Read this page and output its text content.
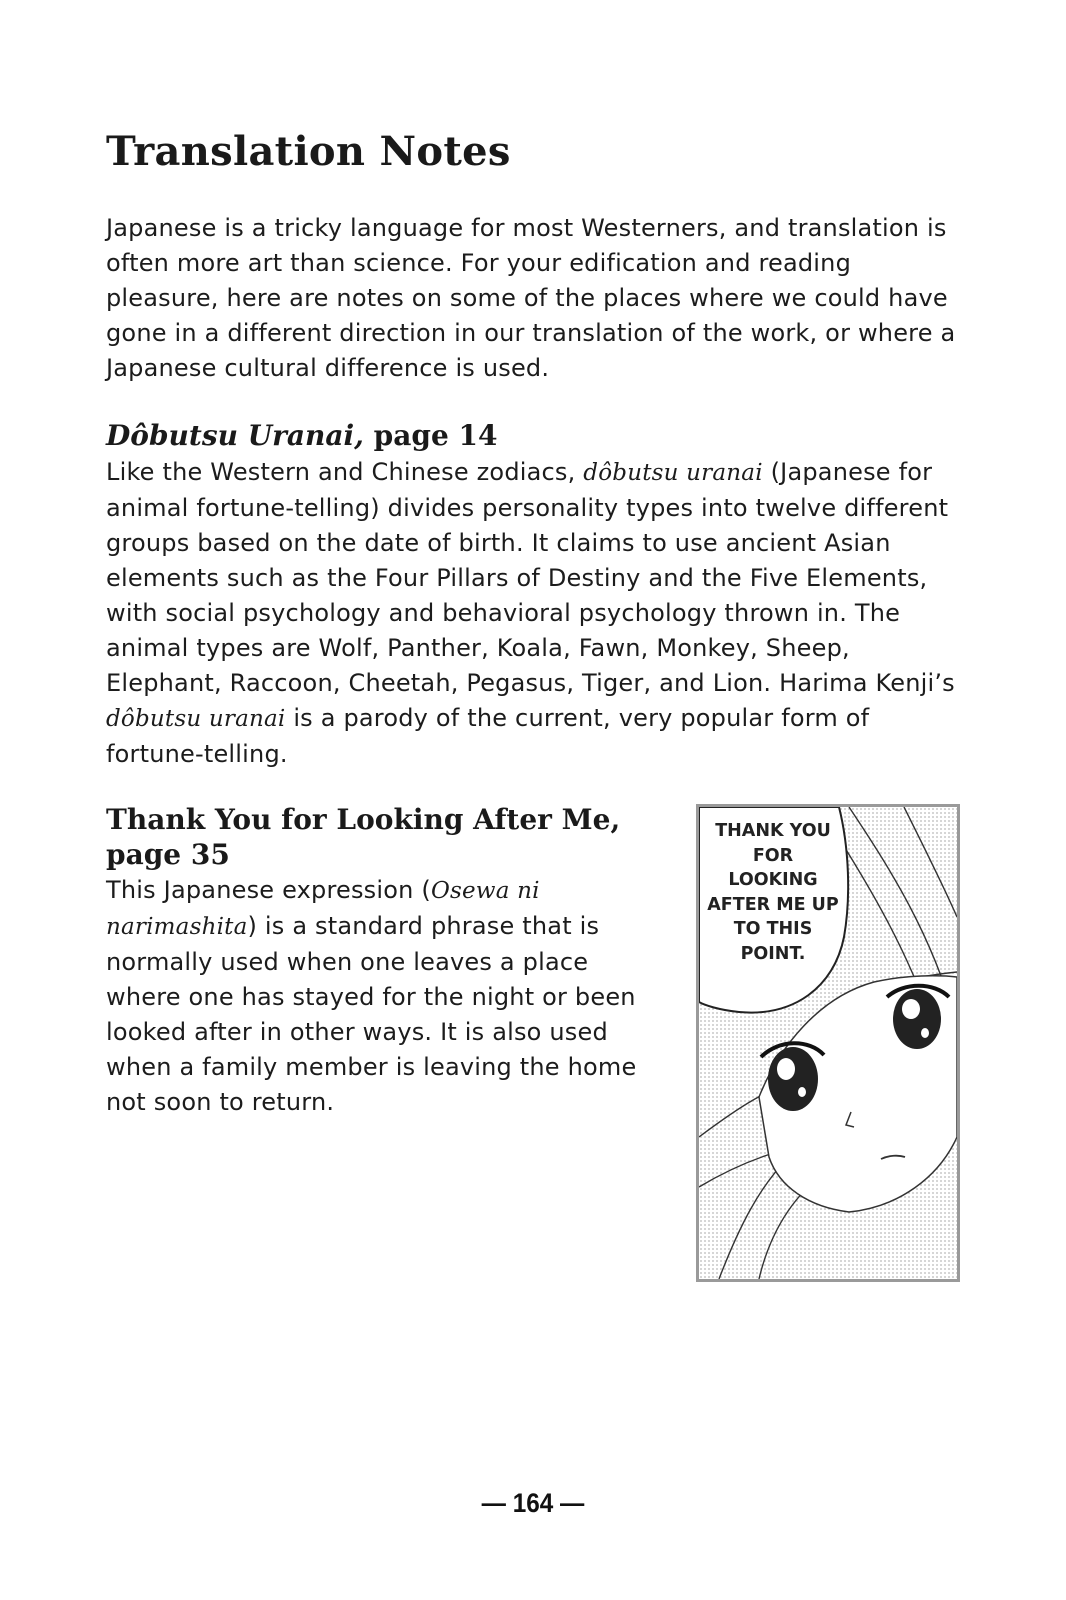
Translation Notes

Japanese is a tricky language for most Westerners, and translation is often more art than science. For your edification and reading pleasure, here are notes on some of the places where we could have gone in a different direction in our translation of the work, or where a Japanese cultural difference is used.

Dôbutsu Uranai, page 14

Like the Western and Chinese zodiacs, dôbutsu uranai (Japanese for animal fortune-telling) divides personality types into twelve different groups based on the date of birth. It claims to use ancient Asian elements such as the Four Pillars of Destiny and the Five Elements, with social psychology and behavioral psychology thrown in. The animal types are Wolf, Panther, Koala, Fawn, Monkey, Sheep, Elephant, Raccoon, Cheetah, Pegasus, Tiger, and Lion. Harima Kenji’s dôbutsu uranai is a parody of the current, very popular form of fortune-telling.

Thank You for Looking After Me, page 35

This Japanese expression (Osewa ni narimashita) is a standard phrase that is normally used when one leaves a place where one has stayed for the night or been looked after in other ways. It is also used when a family member is leaving the home not soon to return.

THANK YOU FOR LOOKING AFTER ME UP TO THIS POINT.
— 164 —
